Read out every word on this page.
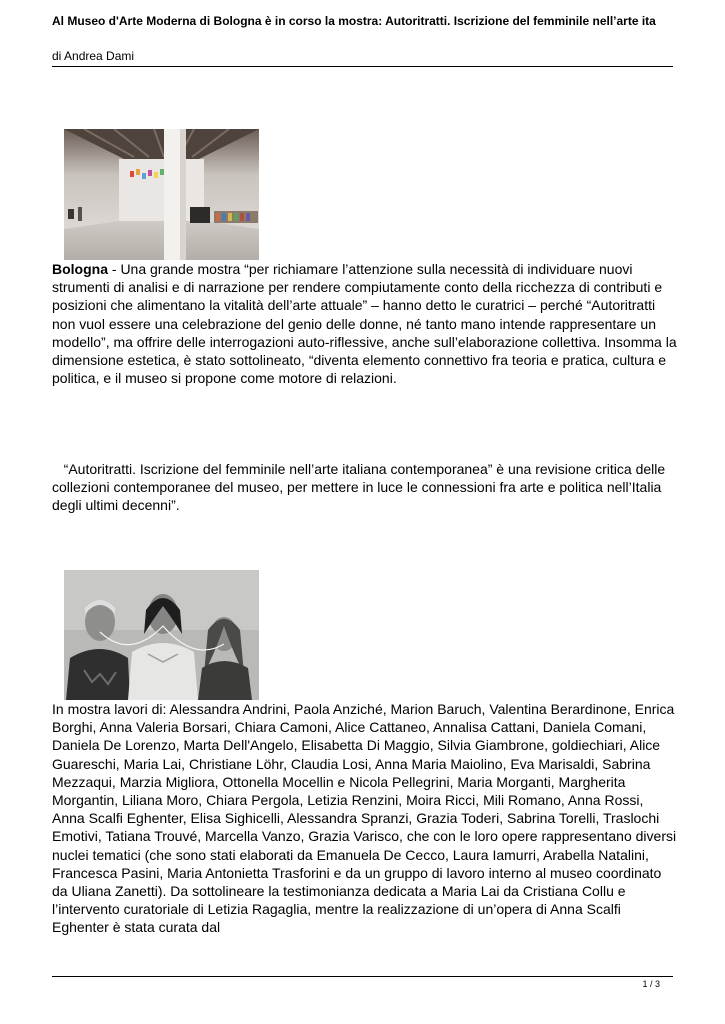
Al Museo d'Arte Moderna di Bologna è in corso la mostra: Autoritratti. Iscrizione del femminile nell’arte ita
di Andrea Dami
Bologna - Una grande mostra “per richiamare l’attenzione sulla necessità di individuare nuovi strumenti di analisi e di narrazione per rendere compiutamente conto della ricchezza di contributi e posizioni che alimentano la vitalità dell’arte attuale” – hanno detto le curatrici – perché “Autoritratti non vuol essere una celebrazione del genio delle donne, né tanto mano intende rappresentare un modello”, ma offrire delle interrogazioni auto-riflessive, anche sull’elaborazione collettiva. Insomma la dimensione estetica, è stato sottolineato, “diventa elemento connettivo fra teoria e pratica, cultura e politica, e il museo si propone come motore di relazioni.
“Autoritratti. Iscrizione del femminile nell’arte italiana contemporanea” è una revisione critica delle collezioni contemporanee del museo, per mettere in luce le connessioni fra arte e politica nell’Italia degli ultimi decenni”.
In mostra lavori di: Alessandra Andrini, Paola Anziché, Marion Baruch, Valentina Berardinone, Enrica Borghi, Anna Valeria Borsari, Chiara Camoni, Alice Cattaneo, Annalisa Cattani, Daniela Comani, Daniela De Lorenzo, Marta Dell'Angelo, Elisabetta Di Maggio, Silvia Giambrone, goldiechiari, Alice Guareschi, Maria Lai, Christiane Löhr, Claudia Losi, Anna Maria Maiolino, Eva Marisaldi, Sabrina Mezzaqui, Marzia Migliora, Ottonella Mocellin e Nicola Pellegrini, Maria Morganti, Margherita Morgantin, Liliana Moro, Chiara Pergola, Letizia Renzini, Moira Ricci, Mili Romano, Anna Rossi, Anna Scalfi Eghenter, Elisa Sighicelli, Alessandra Spranzi, Grazia Toderi, Sabrina Torelli, Traslochi Emotivi, Tatiana Trouvé, Marcella Vanzo, Grazia Varisco, che con le loro opere rappresentano diversi nuclei tematici (che sono stati elaborati da Emanuela De Cecco, Laura Iamurri, Arabella Natalini, Francesca Pasini, Maria Antonietta Trasforini e da un gruppo di lavoro interno al museo coordinato da Uliana Zanetti). Da sottolineare la testimonianza dedicata a Maria Lai da Cristiana Collu e l’intervento curatoriale di Letizia Ragaglia, mentre la realizzazione di un’opera di Anna Scalfi Eghenter è stata curata dal
1 / 3
